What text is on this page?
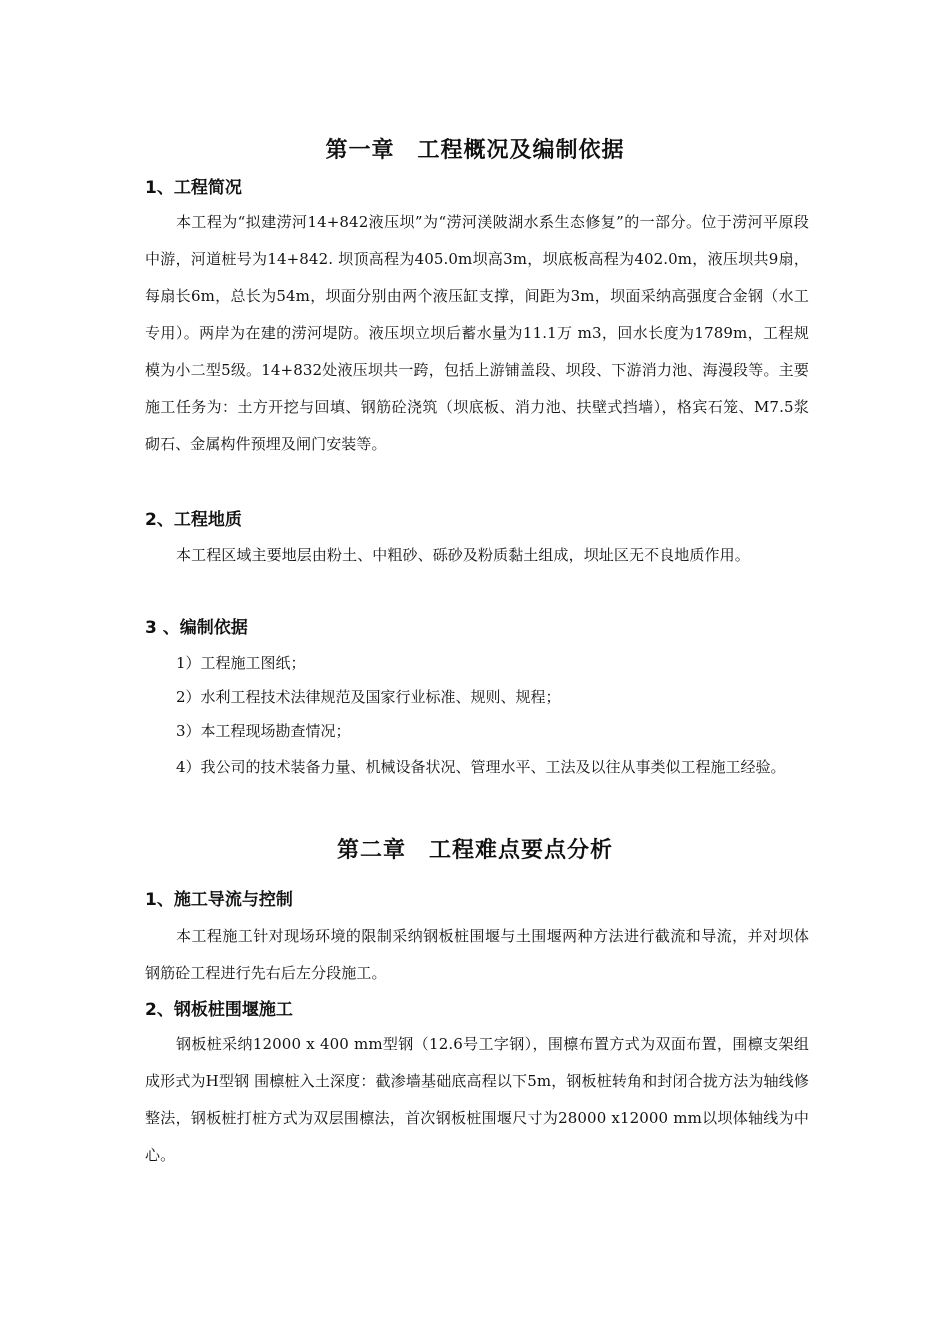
第一章　工程概况及编制依据
1、工程简况
本工程为“拟建涝河14+842液压坝”为“涝河渼陂湖水系生态修复”的一部分。位于涝河平原段中游，河道桩号为14+842. 坝顶高程为405.0m坝高3m，坝底板高程为402.0m，液压坝共9扇，每扇长6m，总长为54m，坝面分别由两个液压缸支撑，间距为3m，坝面采纳高强度合金钢（水工专用）。两岸为在建的涝河堤防。液压坝立坝后蓄水量为11.1万 m3，回水长度为1789m，工程规模为小二型5级。14+832处液压坝共一跨，包括上游铺盖段、坝段、下游消力池、海漫段等。主要施工任务为：土方开挖与回填、钢筋砼浇筑（坝底板、消力池、扶壁式挡墙），格宾石笼、M7.5浆砌石、金属构件预埋及闸门安装等。
2、工程地质
本工程区域主要地层由粉土、中粗砂、砾砂及粉质黏土组成，坝址区无不良地质作用。
3 、编制依据
1）工程施工图纸；
2）水利工程技术法律规范及国家行业标准、规则、规程；
3）本工程现场勘查情况；
4）我公司的技术装备力量、机械设备状况、管理水平、工法及以往从事类似工程施工经验。
第二章　工程难点要点分析
1、施工导流与控制
本工程施工针对现场环境的限制采纳钢板桩围堰与土围堰两种方法进行截流和导流，并对坝体钢筋砼工程进行先右后左分段施工。
2、钢板桩围堰施工
钢板桩采纳12000 x 400 mm型钢（12.6号工字钢），围檩布置方式为双面布置，围檩支架组成形式为H型钢 围檩桩入土深度：截渗墙基础底高程以下5m，钢板桩转角和封闭合拢方法为轴线修整法，钢板桩打桩方式为双层围檩法，首次钢板桩围堰尺寸为28000 x12000 mm以坝体轴线为中心。
